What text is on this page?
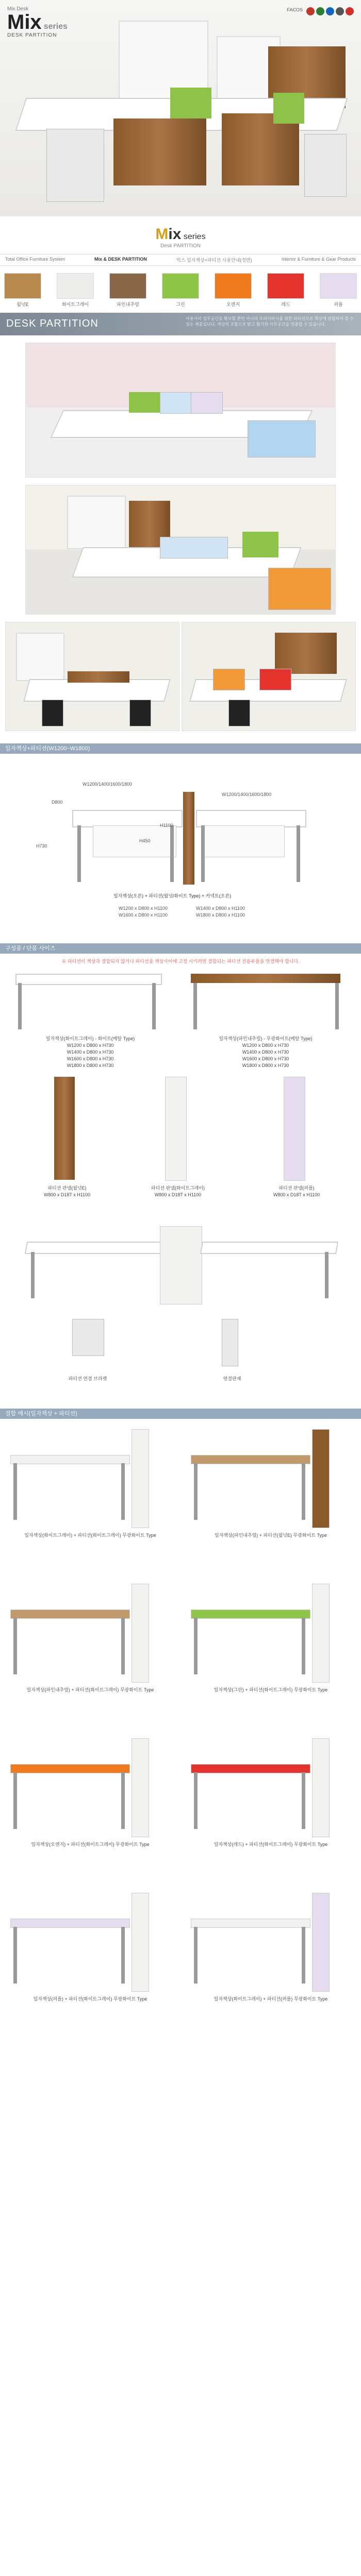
Mix Desk
Mix series
DESK PARTITION
FACOS
Mix series
Desk PARTITION
Total Office Furniture System	Mix & DESK PARTITION	믹스 일자책상+파티션 사용안내(정면)	Interior & Furniture & Gear Products
월넛E	화이트그레이	파인내추럴	그린	오렌지	레드	퍼플
DESK PARTITION	사용자의 업무공간을 확보할 뿐만 아니라 프라이버시를 위한 파티션으로 책상에 결합하여 쓸 수 있는 제품입니다. 색상의 조합으로 밝고 활기찬 사무공간을 연출할 수 있습니다.
일자책상+파티션(W1200~W1800)
W1200/1400/1600/1800
W1200/1400/1600/1800
D800
H730
H450
H1100
일자책상(오픈) + 파티션(월넛/화이트 Type) + 커넥트(오픈)
W1200 x D800 x H1100
W1600 x D800 x H1100
W1400 x D800 x H1100
W1800 x D800 x H1100
구성품 / 단품 사이즈
※ 파티션이 책상과 결합되지 않거나 파티션을 책상사이에 고정 시키려면 결합되는 파티션 전용부품을 연결해야 합니다.
일자책상(화이트그레이) - 화이트(메탈 Type)
W1200 x D800 x H730
W1400 x D800 x H730
W1600 x D800 x H730
W1800 x D800 x H730
일자책상(파인내추럴) - 무광화이트(메탈 Type)
W1200 x D800 x H730
W1400 x D800 x H730
W1600 x D800 x H730
W1800 x D800 x H730
파티션 판넬(월넛E)
W800 x D18T x H1100
파티션 판넬(화이트그레이)
W800 x D18T x H1100
파티션 판넬(퍼플)
W800 x D18T x H1100
파티션 연결 브라켓	연결판재
결합 예시(일자책상 + 파티션)
일자책상(화이트그레이) + 파티션(화이트그레이) 무광화이트 Type	일자책상(파인내추럴) + 파티션(월넛E) 무광화이트 Type
일자책상(파인내추럴) + 파티션(화이트그레이) 무광화이트 Type	일자책상(그린) + 파티션(화이트그레이) 무광화이트 Type
일자책상(오렌지) + 파티션(화이트그레이) 무광화이트 Type	일자책상(레드) + 파티션(화이트그레이) 무광화이트 Type
일자책상(퍼플) + 파티션(화이트그레이) 무광화이트 Type	일자책상(화이트그레이) + 파티션(퍼플) 무광화이트 Type
